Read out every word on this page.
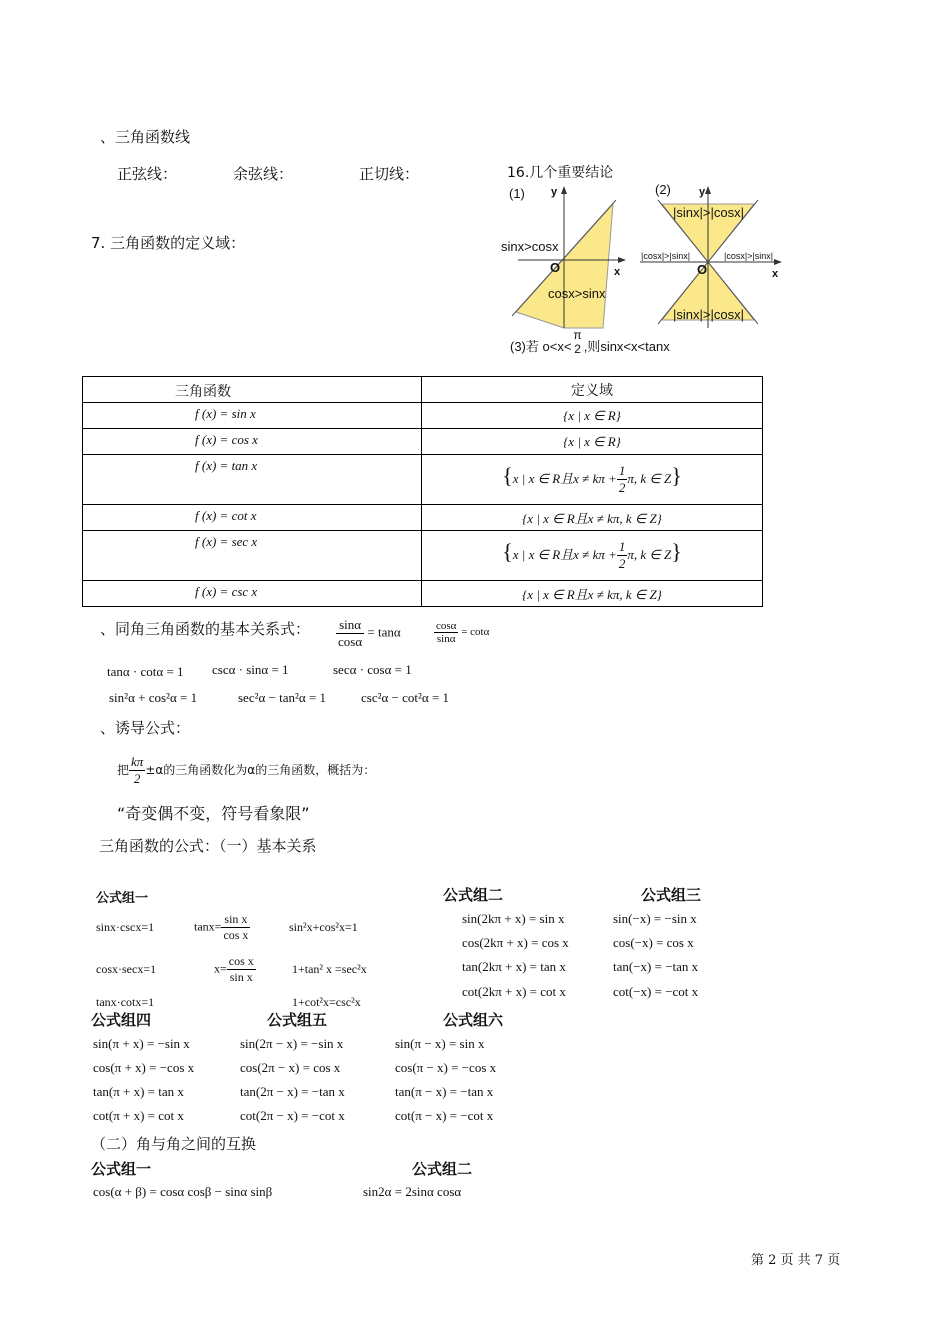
、三角函数线
正弦线：	余弦线：	正切线：
7. 三角函数的定义域：
16.几个重要结论
(1) y
x
O
sinx>cosx
cosx>sinx
(2)	y
x
O
|sinx|>|cosx|
|cosx|>|sinx|	|cosx|>|sinx|
|sinx|>|cosx|
(3)若 o<x<
π
2 ,则sinx<x<tanx
三角函数	定义域
f (x) = sin x	{x | x ∈ R}
f (x) = cos x	{x | x ∈ R}
f (x) = tan x	{x | x ∈ R且$x \ne k\pi + \frac{1}{2} \pi$, k ∈ Z}
f (x) = cot x	{x | x ∈ R且x ≠ kπ, k ∈ Z}
f (x) = sec x	{x | x ∈ R且$x \ne k\pi + \frac{1}{2} \pi$, k ∈ Z}
f (x) = csc x	{x | x ∈ R且x ≠ kπ, k ∈ Z}
、同角三角函数的基本关系式： $\frac{\sin\alpha}{\cos\alpha} = \tan\alpha$	$\frac{\cos\alpha}{\sin\alpha} = \cot\alpha$
tanα · cotα = 1 cscα · sinα = 1	secα · cosα = 1
sin²α + cos²α = 1	sec²α − tan²α = 1	csc²α − cot²α = 1
、诱导公式：
把 $\frac{k\pi}{2} \pm\alpha$的三角函数化为α的三角函数，概括为：
“奇变偶不变，符号看象限”
三角函数的公式：（一）基本关系
公式组一
sinx·cscx=1	$\tan x= \frac{\text{sin x}}{\text{cos x}}$	sin²x+cos²x=1
cosx·secx=1	$x= \frac{\text{cos x}}{\text{sin x}}$	1+tan² x =sec²x
tanx·cotx=1	1+cot²x=csc²x
公式组二
sin(2kπ + x) = sin x
cos(2kπ + x) = cos x
tan(2kπ + x) = tan x
cot(2kπ + x) = cot x
公式组三
sin(−x) = −sin x
cos(−x) = cos x
tan(−x) = −tan x
cot(−x) = −cot x
公式组四
sin(π + x) = −sin x
cos(π + x) = −cos x
tan(π + x) = tan x
cot(π + x) = cot x
公式组五
sin(2π − x) = −sin x
cos(2π − x) = cos x
tan(2π − x) = −tan x
cot(2π − x) = −cot x
公式组六
sin(π − x) = sin x
cos(π − x) = −cos x
tan(π − x) = −tan x
cot(π − x) = −cot x
（二）角与角之间的互换
公式组一
cos(α + β) = cosα cosβ − sinα sinβ
公式组二
sin2α = 2sinα cosα
第 2 页 共 7 页
